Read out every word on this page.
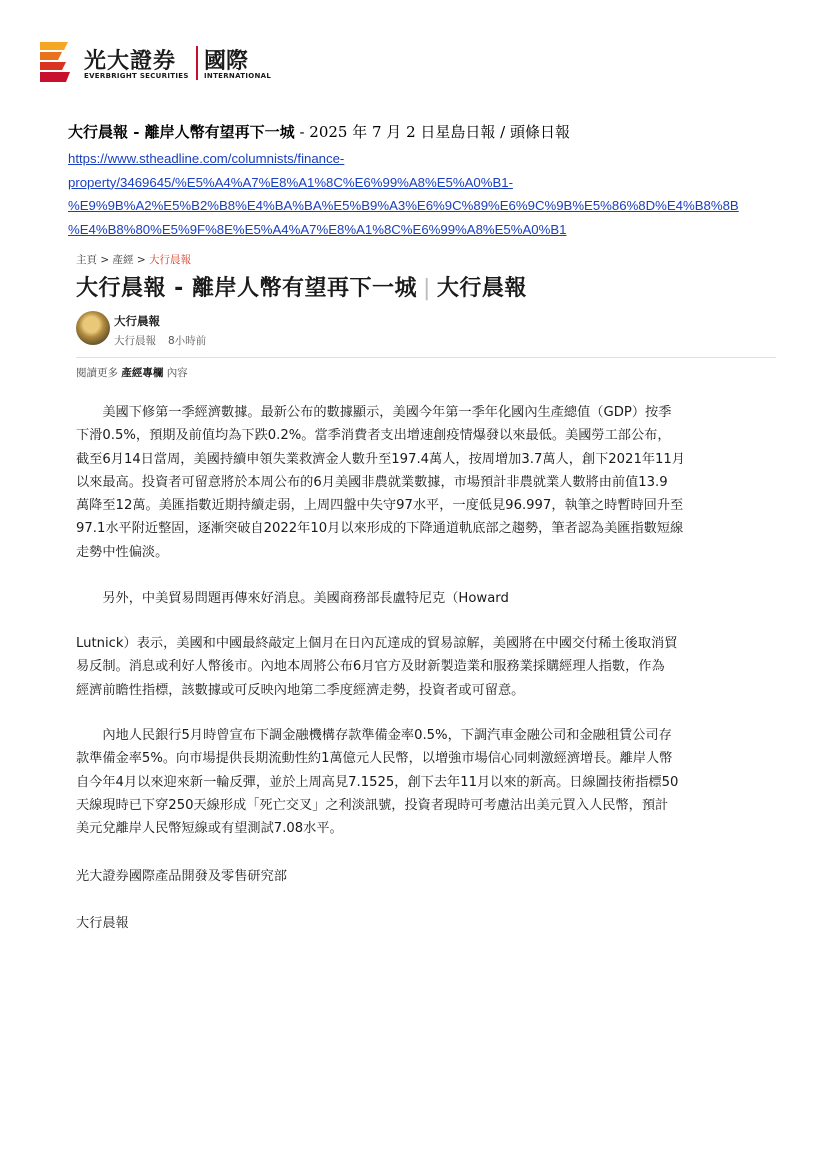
光大證券 國際
EVERBRIGHT SECURITIES INTERNATIONAL
大行晨報 - 離岸人幣有望再下一城 - 2025 年 7 月 2 日星島日報 / 頭條日報
https://www.stheadline.com/columnists/finance-
property/3469645/%E5%A4%A7%E8%A1%8C%E6%99%A8%E5%A0%B1-
%E9%9B%A2%E5%B2%B8%E4%BA%BA%E5%B9%A3%E6%9C%89%E6%9C%9B%E5%86%8D%E4%B8%8B
%E4%B8%80%E5%9F%8E%E5%A4%A7%E8%A1%8C%E6%99%A8%E5%A0%B1
主頁 > 產經 > 大行晨報
大行晨報 - 離岸人幣有望再下一城 | 大行晨報
大行晨報
大行晨報 8小時前
閱讀更多 產經專欄 內容
　　美國下修第一季經濟數據。最新公布的數據顯示，美國今年第一季年化國內生產總值（GDP）按季
下滑0.5%，預期及前值均為下跌0.2%。當季消費者支出增速創疫情爆發以來最低。美國勞工部公布，
截至6月14日當周，美國持續申領失業救濟金人數升至197.4萬人，按周增加3.7萬人，創下2021年11月
以來最高。投資者可留意將於本周公布的6月美國非農就業數據，市場預計非農就業人數將由前值13.9
萬降至12萬。美匯指數近期持續走弱，上周四盤中失守97水平，一度低見96.997，執筆之時暫時回升至
97.1水平附近整固，逐漸突破自2022年10月以來形成的下降通道軌底部之趨勢，筆者認為美匯指數短線
走勢中性偏淡。
　　另外，中美貿易問題再傳來好消息。美國商務部長盧特尼克（Howard
Lutnick）表示，美國和中國最終敲定上個月在日內瓦達成的貿易諒解，美國將在中國交付稀土後取消貿
易反制。消息或利好人幣後市。內地本周將公布6月官方及財新製造業和服務業採購經理人指數，作為
經濟前瞻性指標，該數據或可反映內地第二季度經濟走勢，投資者或可留意。
　　內地人民銀行5月時曾宣布下調金融機構存款準備金率0.5%，下調汽車金融公司和金融租賃公司存
款準備金率5%。向市場提供長期流動性約1萬億元人民幣，以增強市場信心同刺激經濟增長。離岸人幣
自今年4月以來迎來新一輪反彈，並於上周高見7.1525，創下去年11月以來的新高。日線圖技術指標50
天線現時已下穿250天線形成「死亡交叉」之利淡訊號，投資者現時可考慮沽出美元買入人民幣，預計
美元兌離岸人民幣短線或有望測試7.08水平。
光大證券國際產品開發及零售研究部
大行晨報
